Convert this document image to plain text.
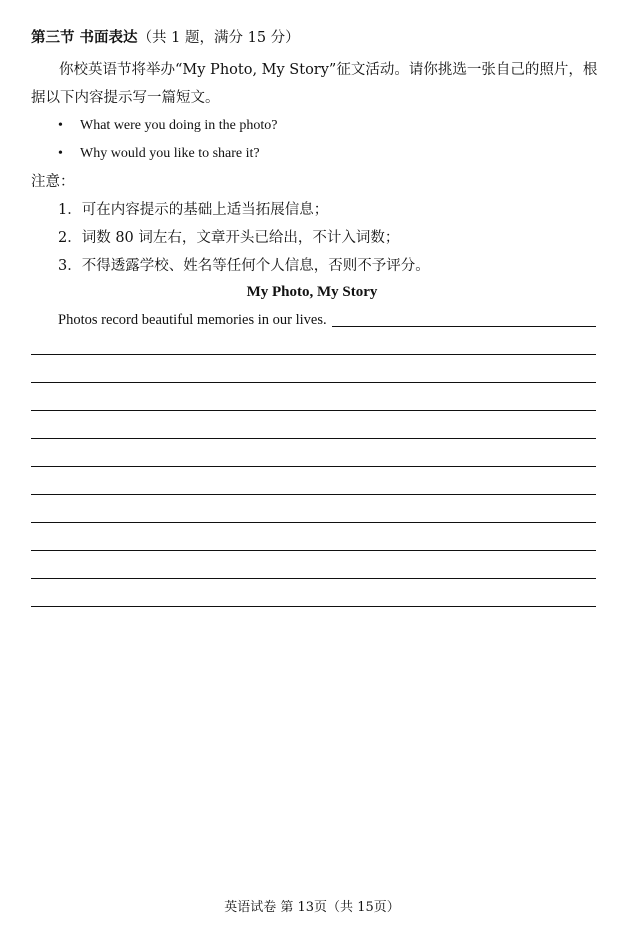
第三节 书面表达（共 1 题，满分 15 分）
你校英语节将举办“My Photo, My Story”征文活动。请你挑选一张自己的照片，根据以下内容提示写一篇短文。
• What were you doing in the photo?
• Why would you like to share it?
注意：
1．可在内容提示的基础上适当拓展信息；
2．词数 80 词左右，文章开头已给出，不计入词数；
3．不得透露学校、姓名等任何个人信息，否则不予评分。
My Photo, My Story
Photos record beautiful memories in our lives.
英语试卷 第 13页（共 15页）
